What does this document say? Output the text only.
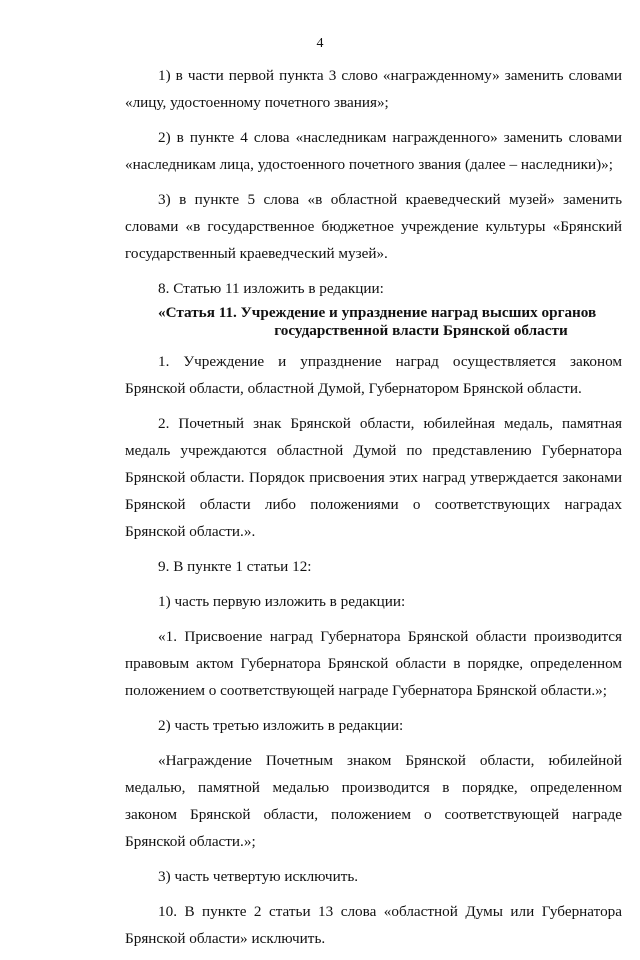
4

1) в части первой пункта 3 слово «награжденному» заменить словами «лицу, удостоенному почетного звания»;

2) в пункте 4 слова «наследникам награжденного» заменить словами «наследникам лица, удостоенного почетного звания (далее – наследники)»;

3) в пункте 5 слова «в областной краеведческий музей» заменить словами «в государственное бюджетное учреждение культуры «Брянский государственный краеведческий музей».

8. Статью 11 изложить в редакции:

«Статья 11. Учреждение и упразднение наград высших органов
государственной власти Брянской области

1. Учреждение и упразднение наград осуществляется законом Брянской области, областной Думой, Губернатором Брянской области.

2. Почетный знак Брянской области, юбилейная медаль, памятная медаль учреждаются областной Думой по представлению Губернатора Брянской области. Порядок присвоения этих наград утверждается законами Брянской области либо положениями о соответствующих наградах Брянской области.».

9. В пункте 1 статьи 12:

1) часть первую изложить в редакции:

«1. Присвоение наград Губернатора Брянской области производится правовым актом Губернатора Брянской области в порядке, определенном положением о соответствующей награде Губернатора Брянской области.»;

2) часть третью изложить в редакции:

«Награждение Почетным знаком Брянской области, юбилейной медалью, памятной медалью производится в порядке, определенном законом Брянской области, положением о соответствующей награде Брянской области.»;

3) часть четвертую исключить.

10. В пункте 2 статьи 13 слова «областной Думы или Губернатора Брянской области» исключить.
